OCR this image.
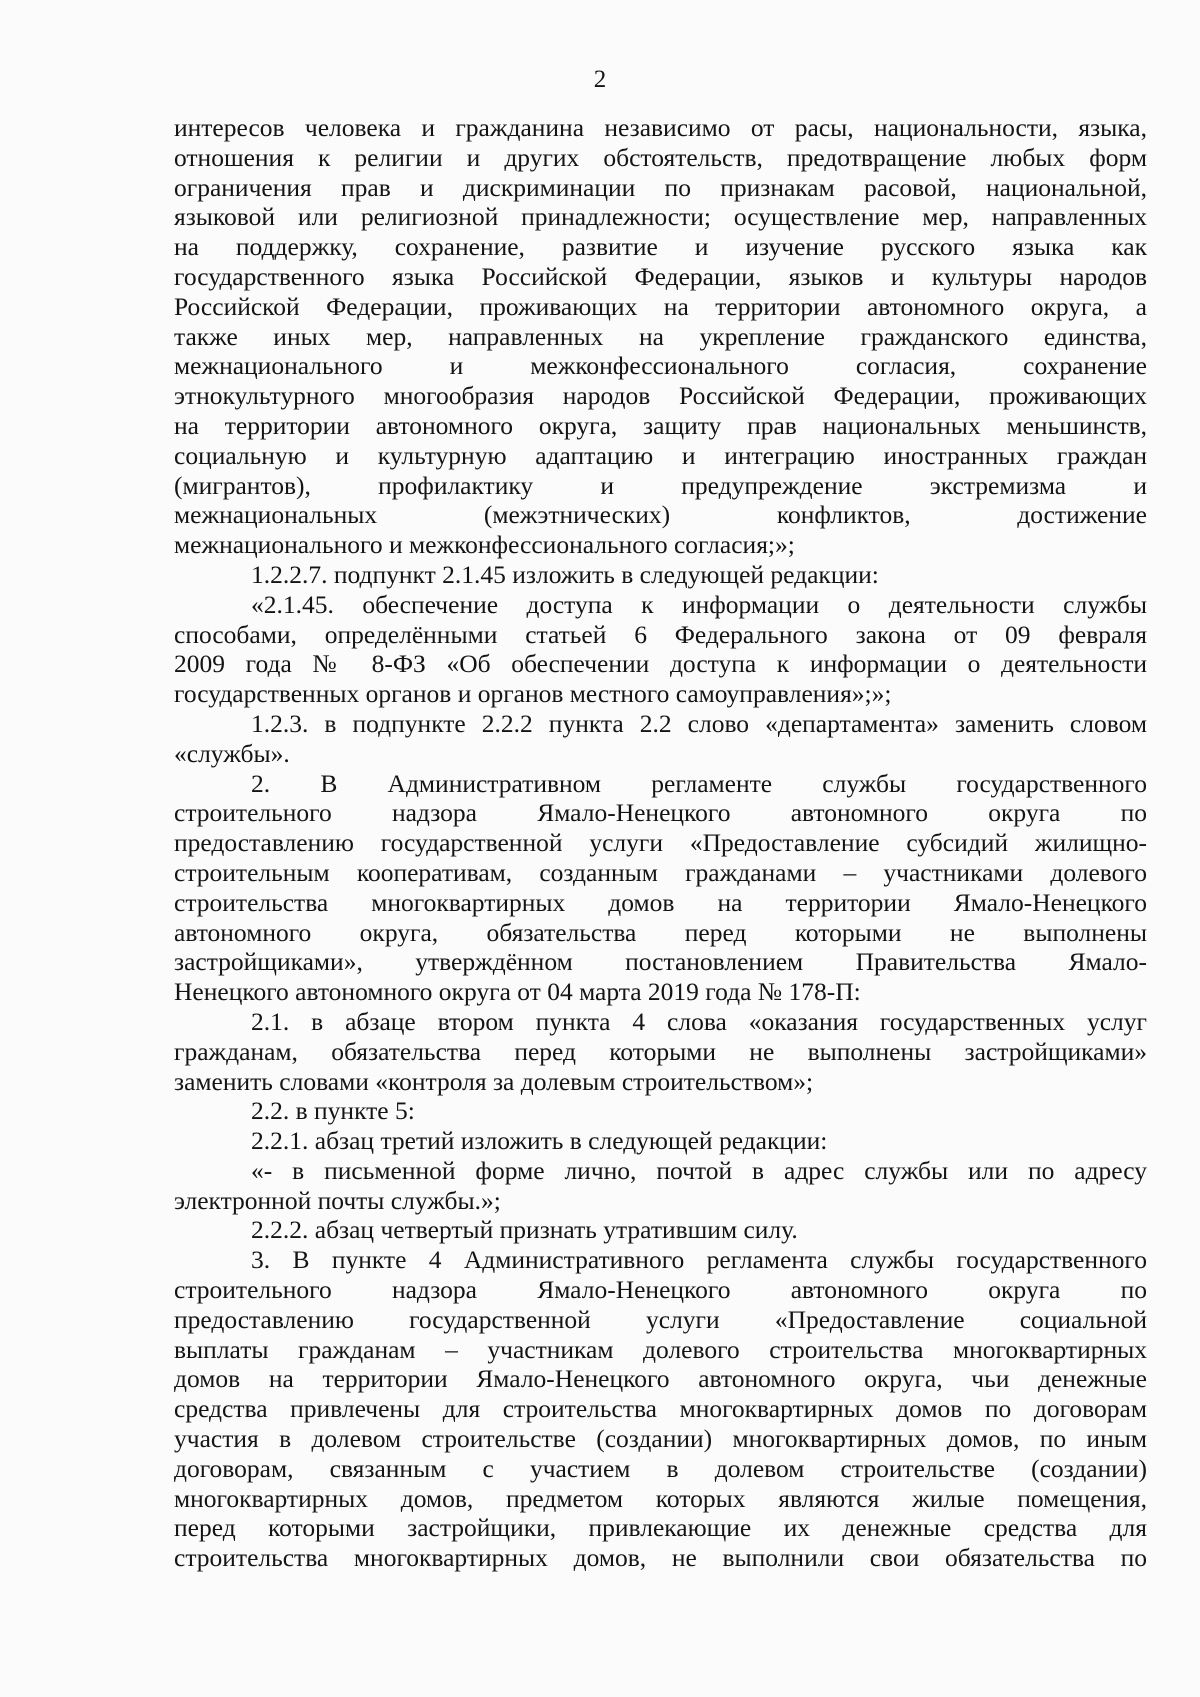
2
интересов человека и гражданина независимо от расы, национальности, языка,
отношения к религии и других обстоятельств, предотвращение любых форм
ограничения прав и дискриминации по признакам расовой, национальной,
языковой или религиозной принадлежности; осуществление мер, направленных
на поддержку, сохранение, развитие и изучение русского языка как
государственного языка Российской Федерации, языков и культуры народов
Российской Федерации, проживающих на территории автономного округа, а
также иных мер, направленных на укрепление гражданского единства,
межнационального и межконфессионального согласия, сохранение
этнокультурного многообразия народов Российской Федерации, проживающих
на территории автономного округа, защиту прав национальных меньшинств,
социальную и культурную адаптацию и интеграцию иностранных граждан
(мигрантов), профилактику и предупреждение экстремизма и
межнациональных (межэтнических) конфликтов, достижение
межнационального и межконфессионального согласия;»;
1.2.2.7. подпункт 2.1.45 изложить в следующей редакции:
«2.1.45. обеспечение доступа к информации о деятельности службы
способами, определёнными статьей 6 Федерального закона от 09 февраля
2009 года № 8-ФЗ «Об обеспечении доступа к информации о деятельности
государственных органов и органов местного самоуправления»;»;
1.2.3. в подпункте 2.2.2 пункта 2.2 слово «департамента» заменить словом
«службы».
2. В Административном регламенте службы государственного
строительного надзора Ямало-Ненецкого автономного округа по
предоставлению государственной услуги «Предоставление субсидий жилищно-
строительным кооперативам, созданным гражданами – участниками долевого
строительства многоквартирных домов на территории Ямало-Ненецкого
автономного округа, обязательства перед которыми не выполнены
застройщиками», утверждённом постановлением Правительства Ямало-
Ненецкого автономного округа от 04 марта 2019 года № 178-П:
2.1. в абзаце втором пункта 4 слова «оказания государственных услуг
гражданам, обязательства перед которыми не выполнены застройщиками»
заменить словами «контроля за долевым строительством»;
2.2. в пункте 5:
2.2.1. абзац третий изложить в следующей редакции:
«- в письменной форме лично, почтой в адрес службы или по адресу
электронной почты службы.»;
2.2.2. абзац четвертый признать утратившим силу.
3. В пункте 4 Административного регламента службы государственного
строительного надзора Ямало-Ненецкого автономного округа по
предоставлению государственной услуги «Предоставление социальной
выплаты гражданам – участникам долевого строительства многоквартирных
домов на территории Ямало-Ненецкого автономного округа, чьи денежные
средства привлечены для строительства многоквартирных домов по договорам
участия в долевом строительстве (создании) многоквартирных домов, по иным
договорам, связанным с участием в долевом строительстве (создании)
многоквартирных домов, предметом которых являются жилые помещения,
перед которыми застройщики, привлекающие их денежные средства для
строительства многоквартирных домов, не выполнили свои обязательства по
